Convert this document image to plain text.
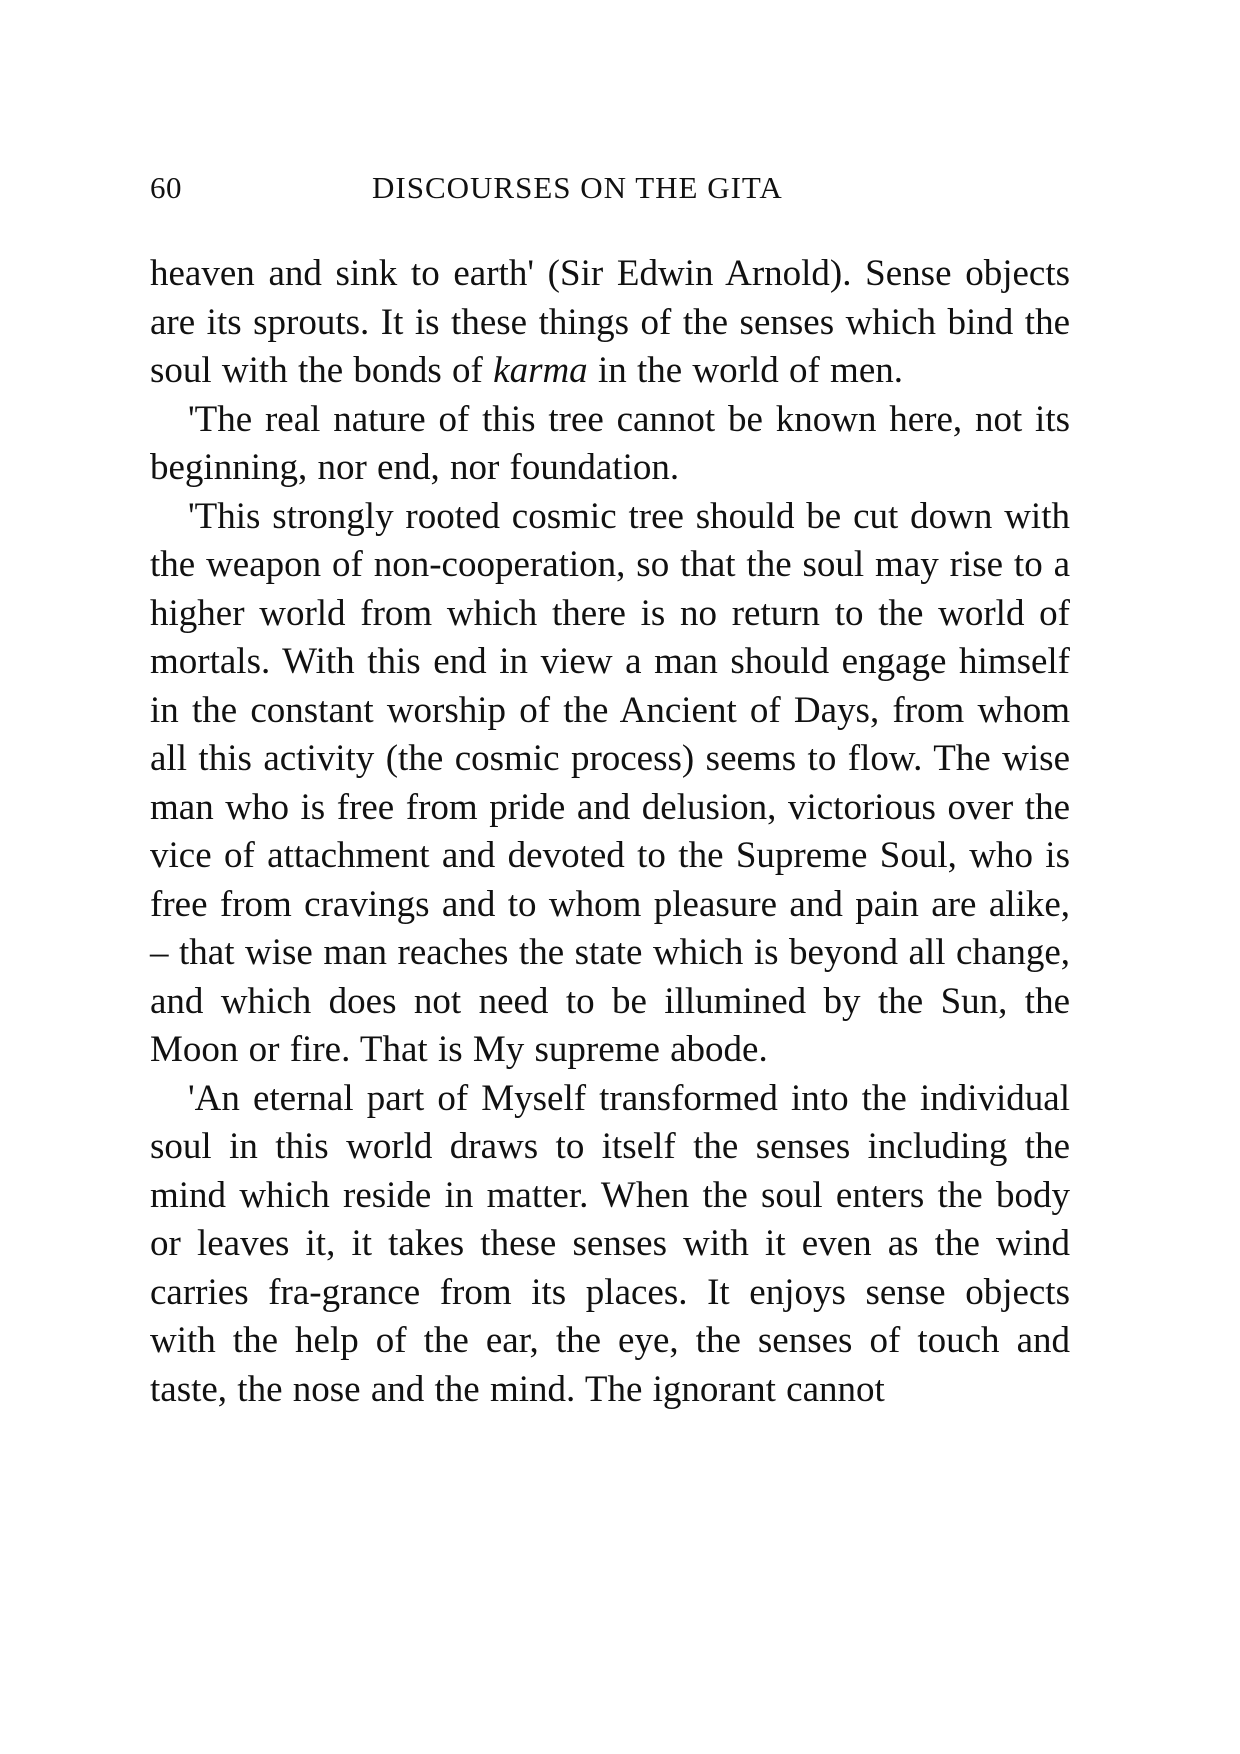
60	DISCOURSES ON THE GITA

heaven and sink to earth' (Sir Edwin Arnold). Sense objects are its sprouts. It is these things of the senses which bind the soul with the bonds of karma in the world of men.

'The real nature of this tree cannot be known here, not its beginning, nor end, nor foundation.

'This strongly rooted cosmic tree should be cut down with the weapon of non-cooperation, so that the soul may rise to a higher world from which there is no return to the world of mortals. With this end in view a man should engage himself in the constant worship of the Ancient of Days, from whom all this activity (the cosmic process) seems to flow. The wise man who is free from pride and delusion, victorious over the vice of attachment and devoted to the Supreme Soul, who is free from cravings and to whom pleasure and pain are alike, – that wise man reaches the state which is beyond all change, and which does not need to be illumined by the Sun, the Moon or fire. That is My supreme abode.

'An eternal part of Myself transformed into the individual soul in this world draws to itself the senses including the mind which reside in matter. When the soul enters the body or leaves it, it takes these senses with it even as the wind carries fra-grance from its places. It enjoys sense objects with the help of the ear, the eye, the senses of touch and taste, the nose and the mind. The ignorant cannot
